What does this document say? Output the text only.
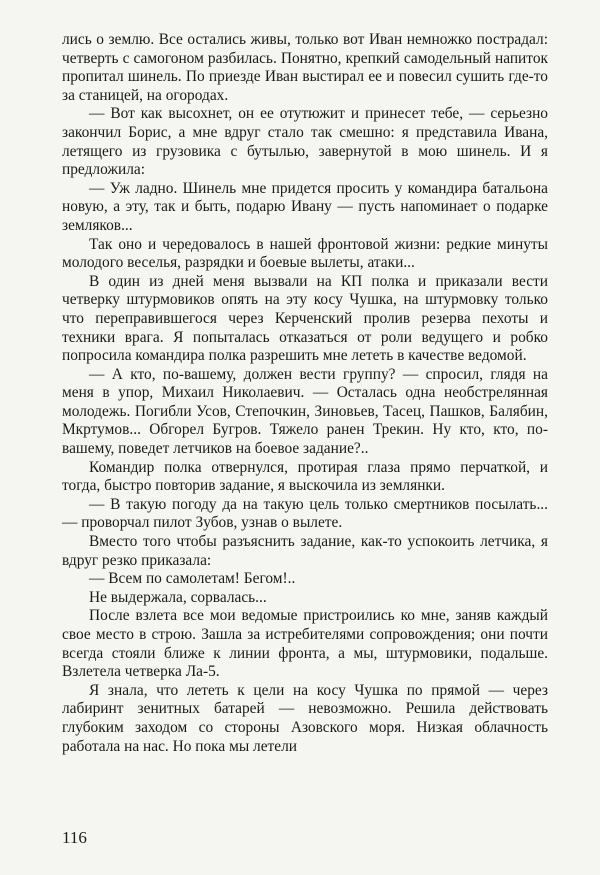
лись о землю. Все остались живы, только вот Иван немножко пострадал: четверть с самогоном разбилась. Понятно, крепкий самодельный напиток пропитал шинель. По приезде Иван выстирал ее и повесил сушить где-то за станицей, на огородах.

— Вот как высохнет, он ее отутюжит и принесет тебе, — серьезно закончил Борис, а мне вдруг стало так смешно: я представила Ивана, летящего из грузовика с бутылью, завернутой в мою шинель. И я предложила:

— Уж ладно. Шинель мне придется просить у командира батальона новую, а эту, так и быть, подарю Ивану — пусть напоминает о подарке земляков...

Так оно и чередовалось в нашей фронтовой жизни: редкие минуты молодого веселья, разрядки и боевые вылеты, атаки...

В один из дней меня вызвали на КП полка и приказали вести четверку штурмовиков опять на эту косу Чушка, на штурмовку только что переправившегося через Керченский пролив резерва пехоты и техники врага. Я попыталась отказаться от роли ведущего и робко попросила командира полка разрешить мне лететь в качестве ведомой.

— А кто, по-вашему, должен вести группу? — спросил, глядя на меня в упор, Михаил Николаевич. — Осталась одна необстрелянная молодежь. Погибли Усов, Степочкин, Зиновьев, Тасец, Пашков, Балябин, Мкртумов... Обгорел Бугров. Тяжело ранен Трекин. Ну кто, кто, по-вашему, поведет летчиков на боевое задание?..

Командир полка отвернулся, протирая глаза прямо перчаткой, и тогда, быстро повторив задание, я выскочила из землянки.

— В такую погоду да на такую цель только смертников посылать... — проворчал пилот Зубов, узнав о вылете.

Вместо того чтобы разъяснить задание, как-то успокоить летчика, я вдруг резко приказала:

— Всем по самолетам! Бегом!..

Не выдержала, сорвалась...

После взлета все мои ведомые пристроились ко мне, заняв каждый свое место в строю. Зашла за истребителями сопровождения; они почти всегда стояли ближе к линии фронта, а мы, штурмовики, подальше. Взлетела четверка Ла-5.

Я знала, что лететь к цели на косу Чушка по прямой — через лабиринт зенитных батарей — невозможно. Решила действовать глубоким заходом со стороны Азовского моря. Низкая облачность работала на нас. Но пока мы летели

116
